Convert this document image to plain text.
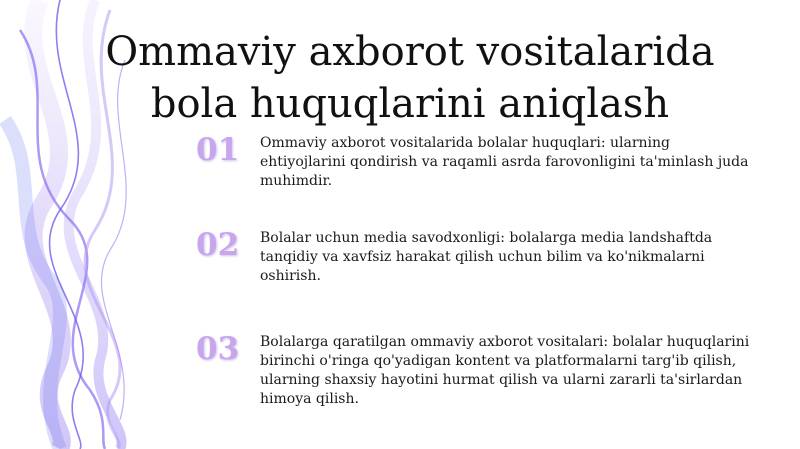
Ommaviy axborot vositalarida bola huquqlarini aniqlash
01	Ommaviy axborot vositalarida bolalar huquqlari: ularning ehtiyojlarini qondirish va raqamli asrda farovonligini ta'minlash juda muhimdir.

02	Bolalar uchun media savodxonligi: bolalarga media landshaftda tanqidiy va xavfsiz harakat qilish uchun bilim va ko'nikmalarni oshirish.

03	Bolalarga qaratilgan ommaviy axborot vositalari: bolalar huquqlarini birinchi o'ringa qo'yadigan kontent va platformalarni targ'ib qilish, ularning shaxsiy hayotini hurmat qilish va ularni zararli ta'sirlardan himoya qilish.
